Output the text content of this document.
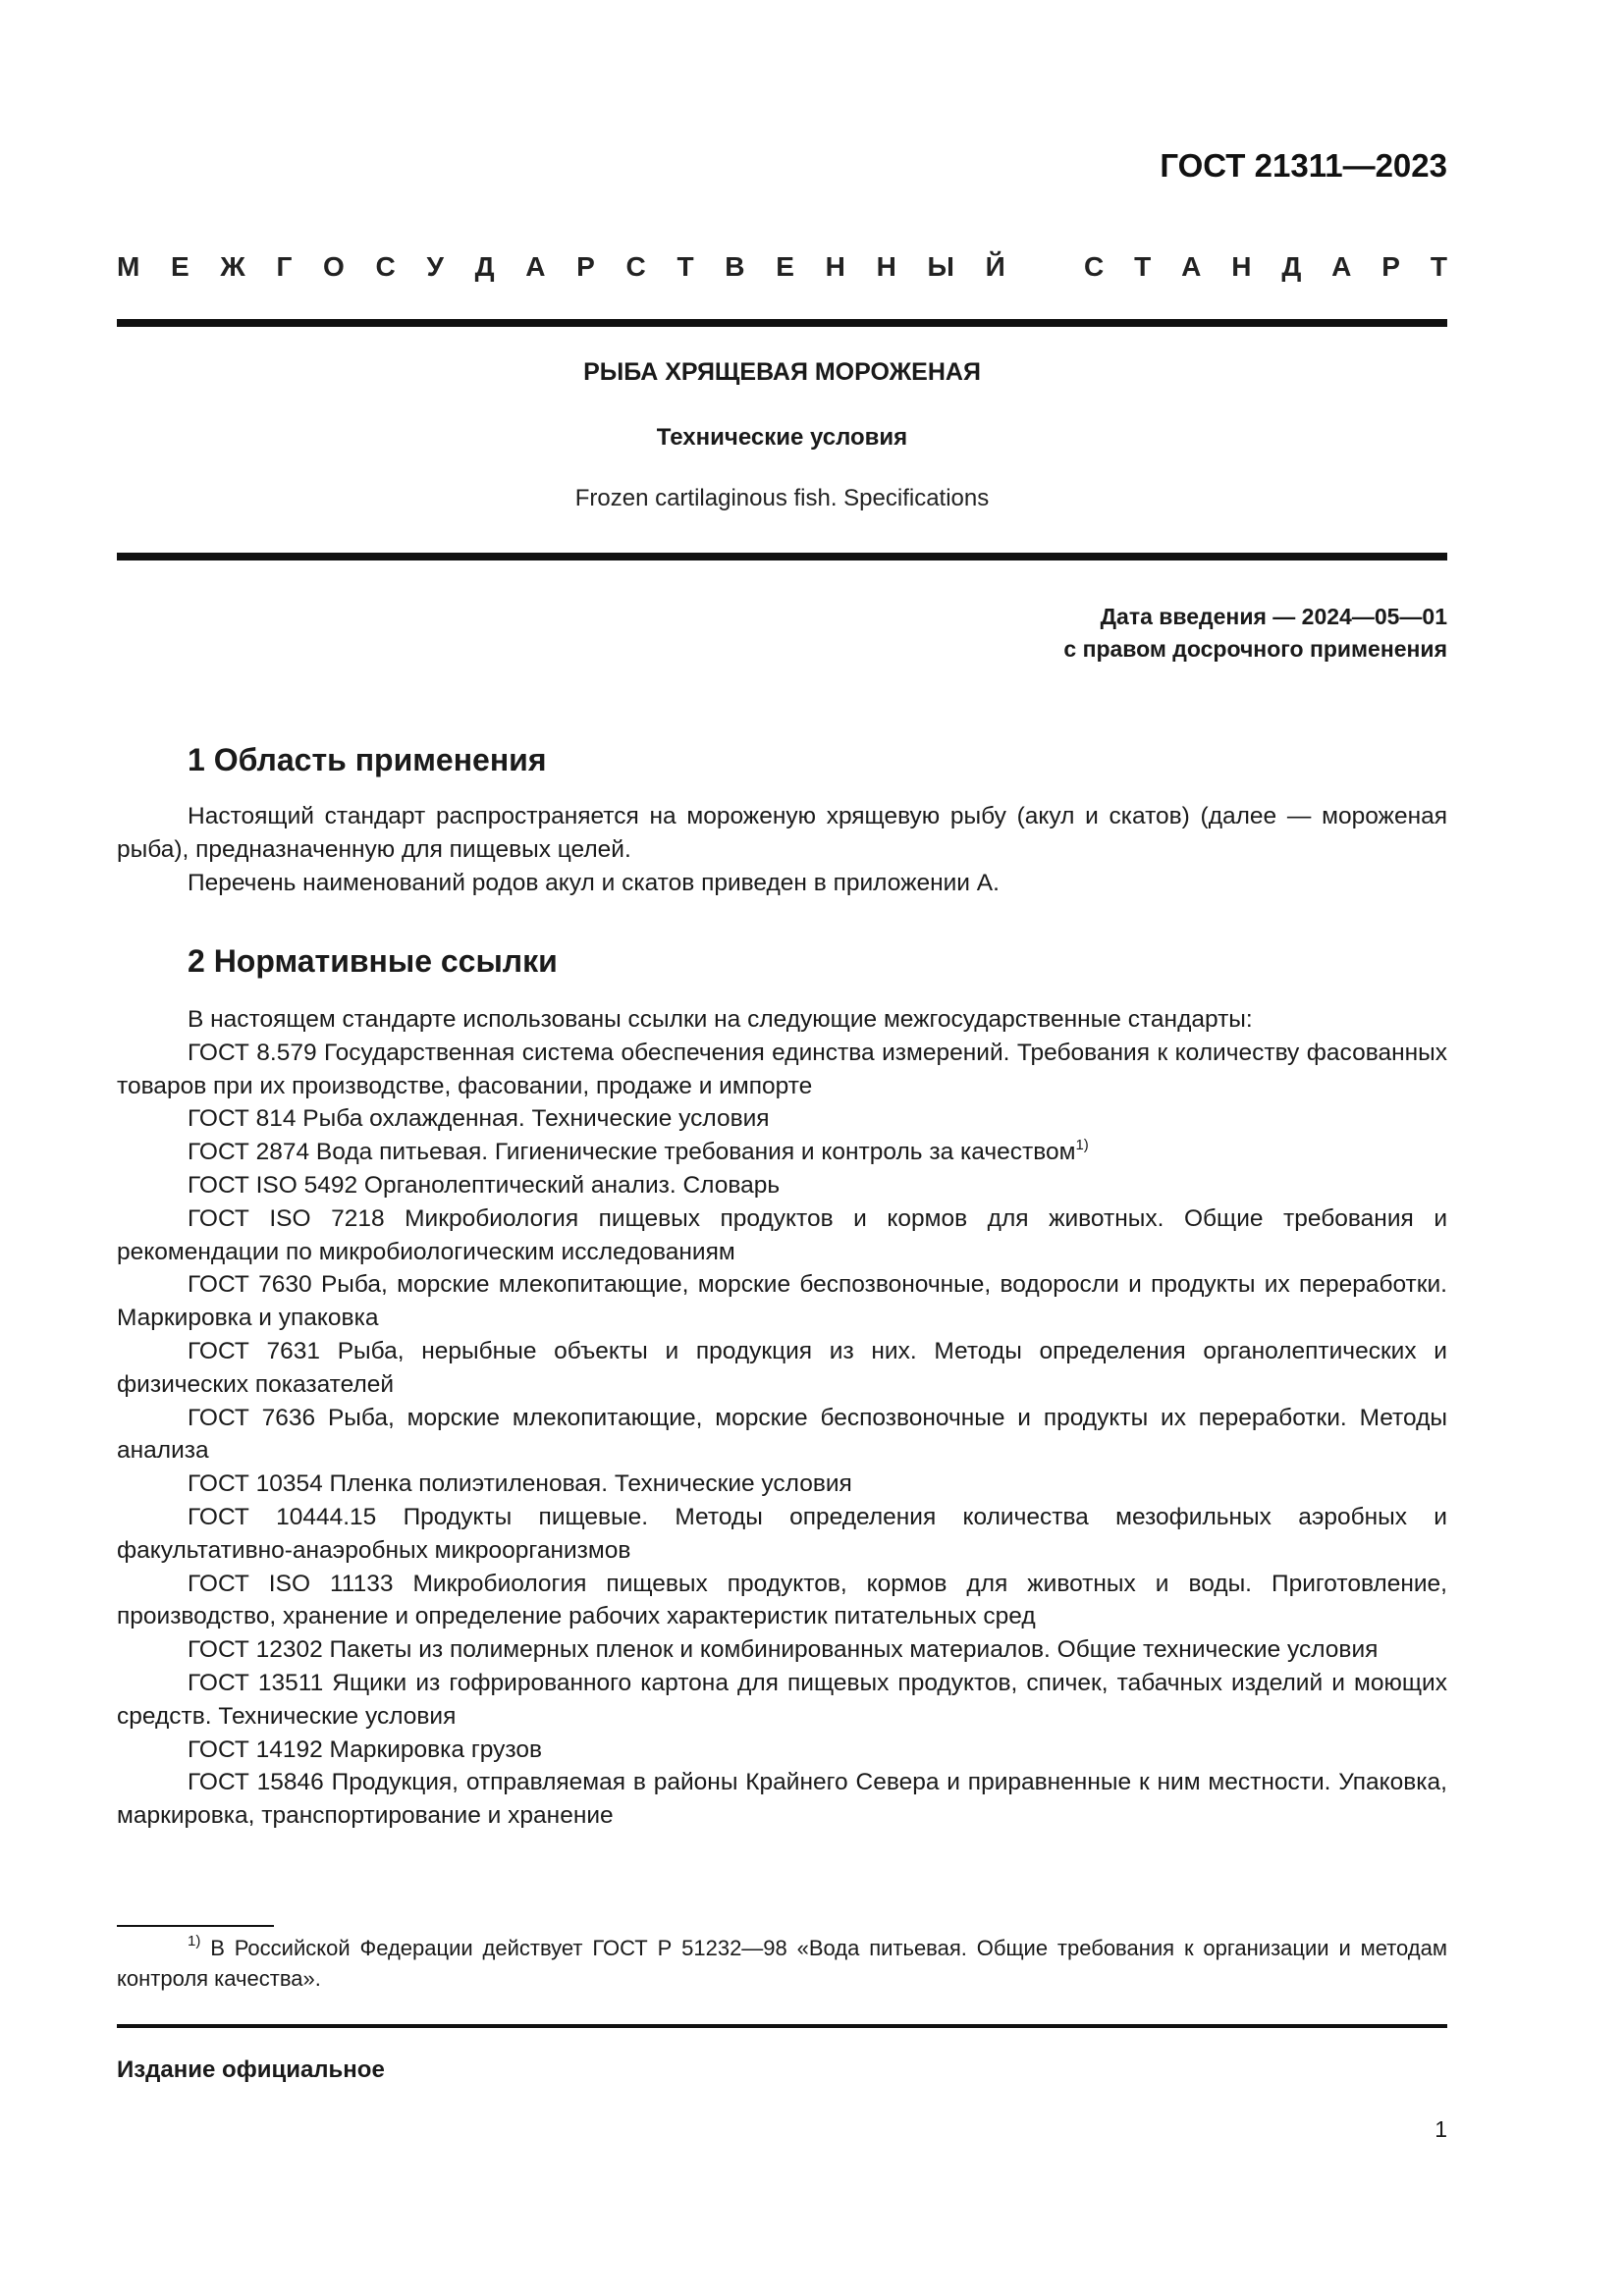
ГОСТ 21311—2023
М Е Ж Г О С У Д А Р С Т В Е Н Н Ы Й	С Т А Н Д А Р Т
РЫБА ХРЯЩЕВАЯ МОРОЖЕНАЯ
Технические условия
Frozen cartilaginous fish. Specifications
Дата введения — 2024—05—01
с правом досрочного применения
1 Область применения

Настоящий стандарт распространяется на мороженую хрящевую рыбу (акул и скатов) (далее — мороженая рыба), предназначенную для пищевых целей.

Перечень наименований родов акул и скатов приведен в приложении А.

2 Нормативные ссылки

В настоящем стандарте использованы ссылки на следующие межгосударственные стандарты:

ГОСТ 8.579 Государственная система обеспечения единства измерений. Требования к количеству фасованных товаров при их производстве, фасовании, продаже и импорте

ГОСТ 814 Рыба охлажденная. Технические условия

ГОСТ 2874 Вода питьевая. Гигиенические требования и контроль за качеством$^{1)}$

ГОСТ ISO 5492 Органолептический анализ. Словарь

ГОСТ ISO 7218 Микробиология пищевых продуктов и кормов для животных. Общие требования и рекомендации по микробиологическим исследованиям

ГОСТ 7630 Рыба, морские млекопитающие, морские беспозвоночные, водоросли и продукты их переработки. Маркировка и упаковка

ГОСТ 7631 Рыба, нерыбные объекты и продукция из них. Методы определения органолептических и физических показателей

ГОСТ 7636 Рыба, морские млекопитающие, морские беспозвоночные и продукты их переработки. Методы анализа

ГОСТ 10354 Пленка полиэтиленовая. Технические условия

ГОСТ 10444.15 Продукты пищевые. Методы определения количества мезофильных аэробных и факультативно-анаэробных микроорганизмов

ГОСТ ISO 11133 Микробиология пищевых продуктов, кормов для животных и воды. Приготовление, производство, хранение и определение рабочих характеристик питательных сред

ГОСТ 12302 Пакеты из полимерных пленок и комбинированных материалов. Общие технические условия

ГОСТ 13511 Ящики из гофрированного картона для пищевых продуктов, спичек, табачных изделий и моющих средств. Технические условия

ГОСТ 14192 Маркировка грузов

ГОСТ 15846 Продукция, отправляемая в районы Крайнего Севера и приравненные к ним местности. Упаковка, маркировка, транспортирование и хранение

$^{1)}$ В Российской Федерации действует ГОСТ Р 51232—98 «Вода питьевая. Общие требования к организации и методам контроля качества».

Издание официальное
1
